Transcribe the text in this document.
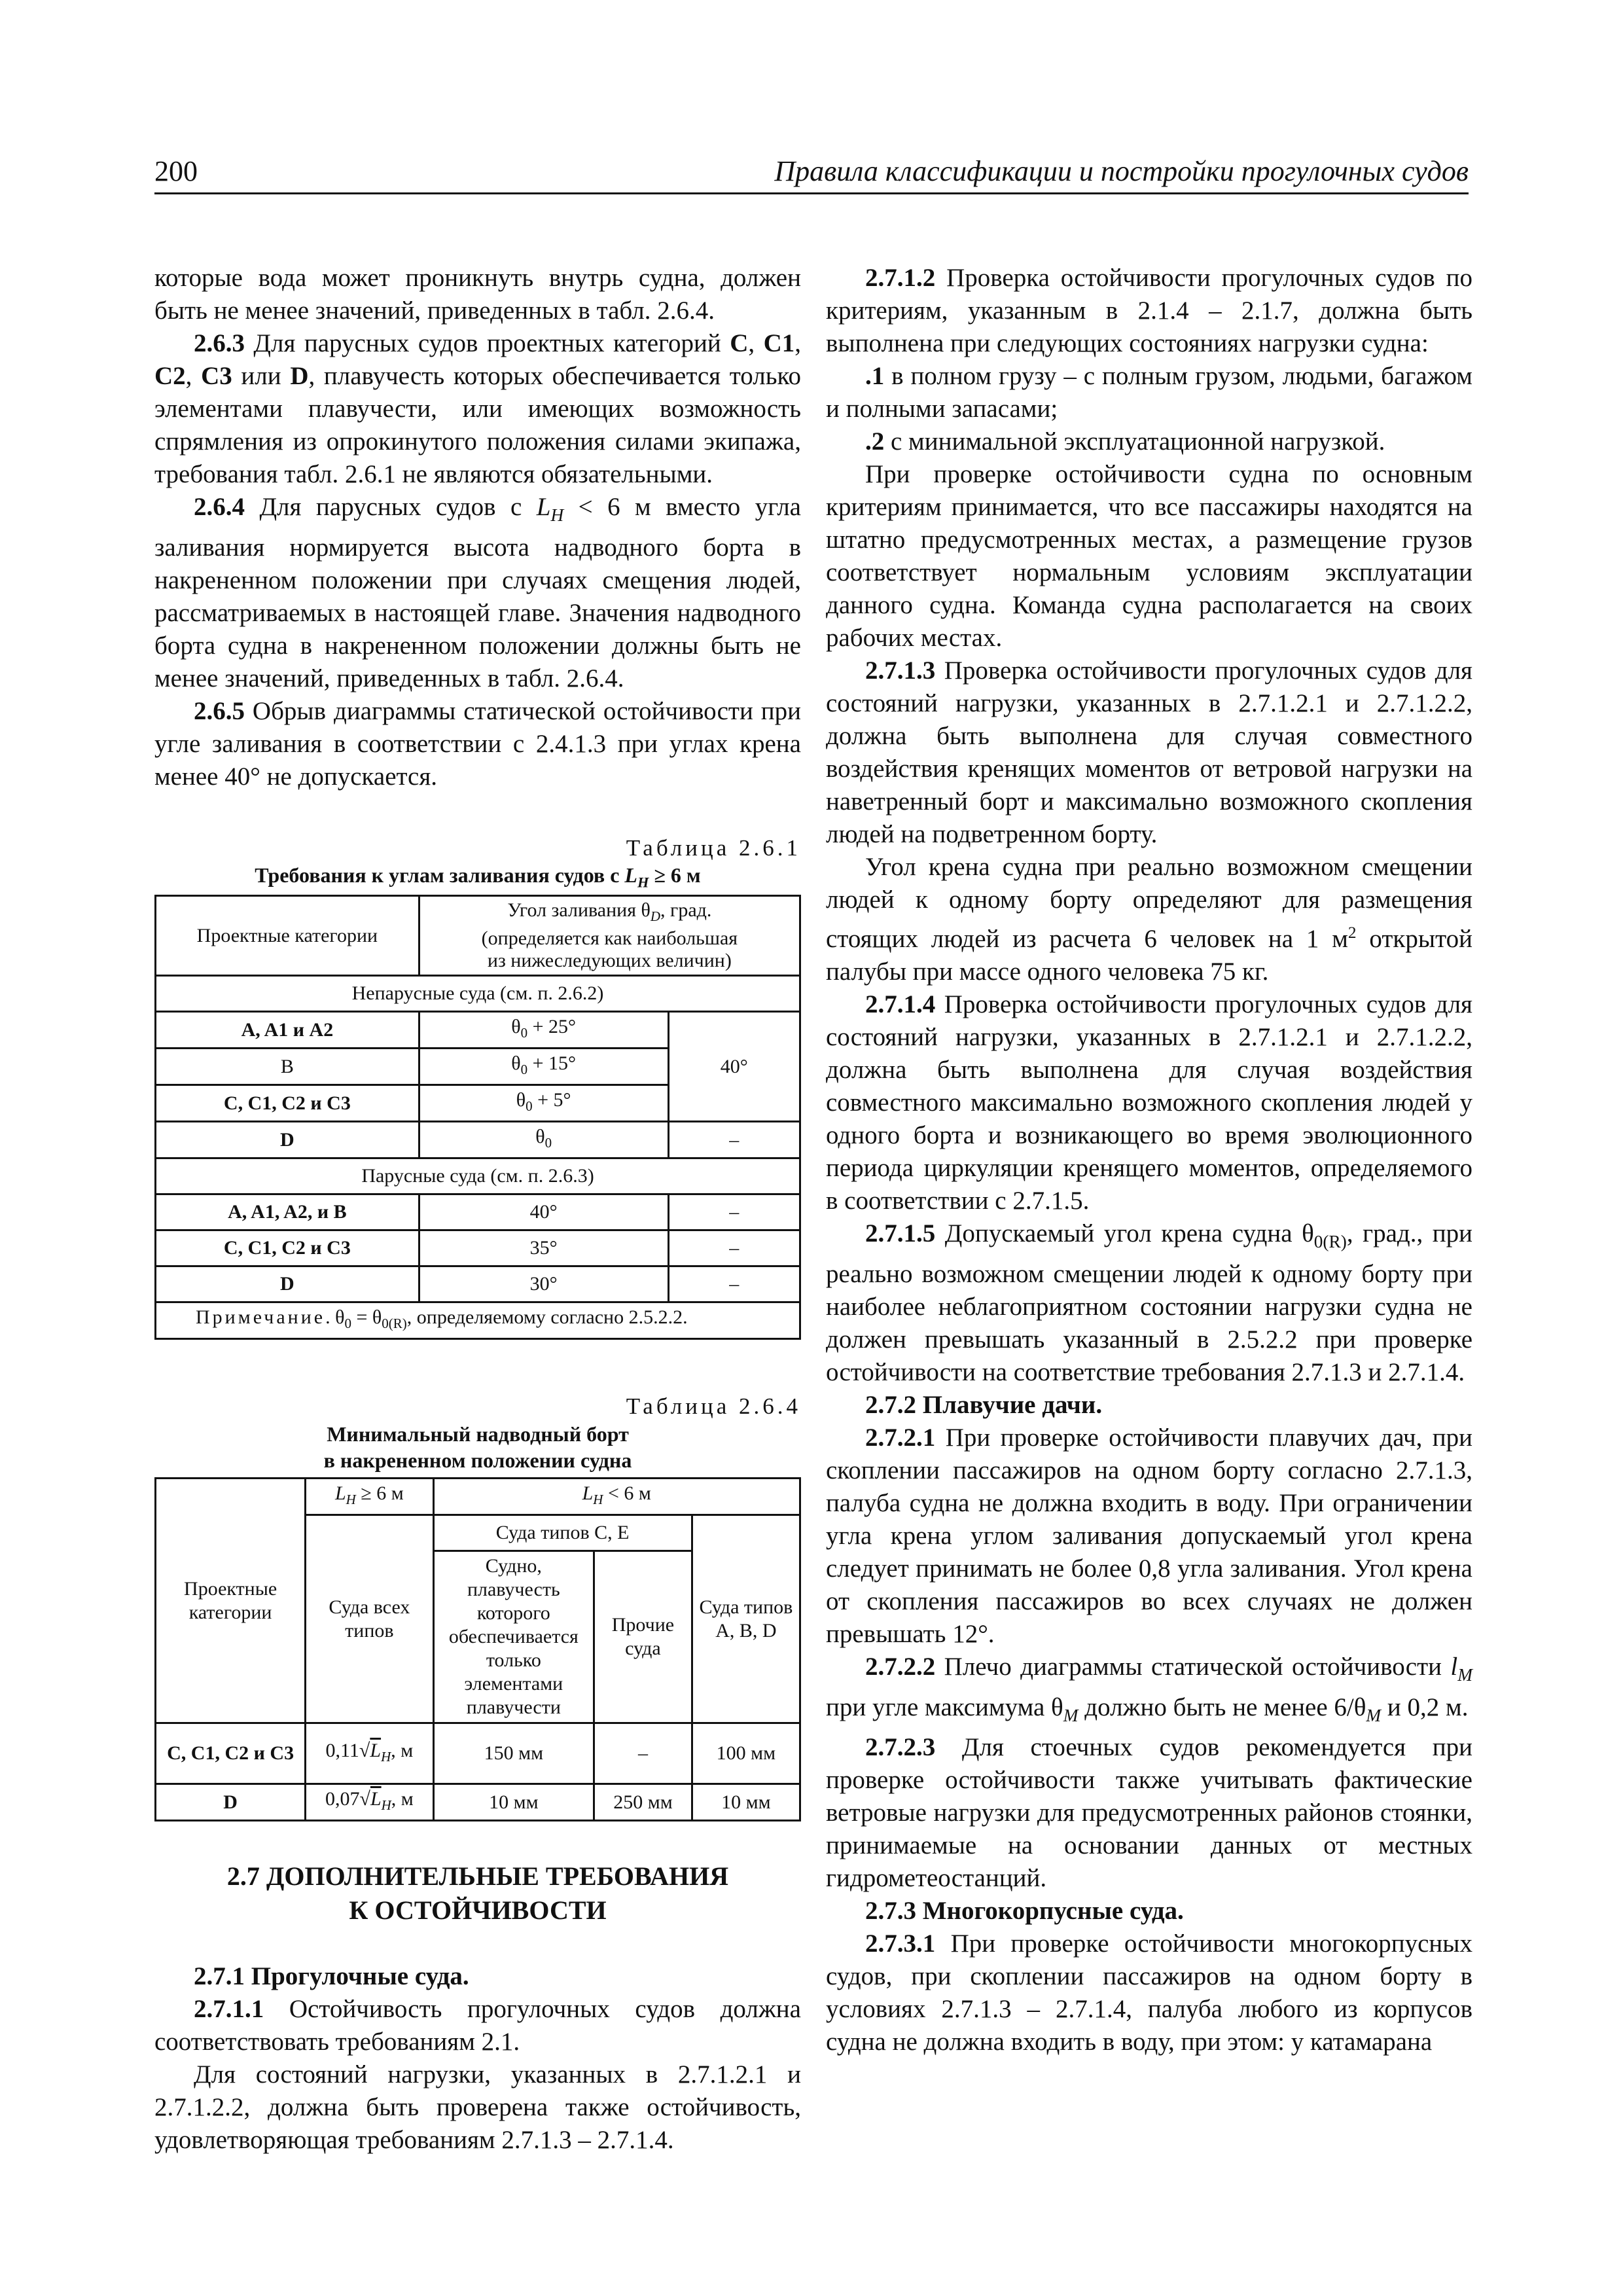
200	Правила классификации и постройки прогулочных судов

которые вода может проникнуть внутрь судна, должен быть не менее значений, приведенных в табл. 2.6.4.

2.6.3 Для парусных судов проектных категорий C, C1, C2, C3 или D, плавучесть которых обеспечивается только элементами плавучести, или имеющих возможность спрямления из опрокинутого положения силами экипажа, требования табл. 2.6.1 не являются обязательными.

2.6.4 Для парусных судов с $L_H < 6$ м вместо угла заливания нормируется высота надводного борта в накрененном положении при случаях смещения людей, рассматриваемых в настоящей главе. Значения надводного борта судна в накрененном положении должны быть не менее значений, приведенных в табл. 2.6.4.

2.6.5 Обрыв диаграммы статической остойчивости при угле заливания в соответствии с 2.4.1.3 при углах крена менее 40° не допускается.

Таблица 2.6.1
Требования к углам заливания судов с $L_H \ge 6$ м
Проектные категории	Угол заливания $\theta_D$, град.
(определяется как наибольшая
из нижеследующих величин)	
Непарусные суда (см. п. 2.6.2)		
A, A1 и A2	$\theta_0 + 25^\circ$	40°
B	$\theta_0 + 15^\circ$	
C, C1, C2 и C3	$\theta_0 + 5^\circ$	
D	$\theta_0$	–
Парусные суда (см. п. 2.6.3)		
A, A1, A2, и B	40°	–
C, C1, C2 и C3	35°	–
D	30°	–
Примечание. $\theta_0 = \theta_{0(R)}$, определяемому согласно 2.5.2.2.		
Таблица 2.6.4
Минимальный надводный борт
в накрененном положении судна
Проектные категории	$L_H \ge 6$ м	$L_H < 6$ м		
	Суда всех типов	Суда типов C, E		Суда типов A, B, D
		Судно, плавучесть которого обеспечивается только элементами плавучести	Прочие суда	
C, C1, C2 и C3	$0,11√L_H$, м	150 мм	–	100 мм
D	$0,07√L_H$, м	10 мм	250 мм	10 мм

2.7 ДОПОЛНИТЕЛЬНЫЕ ТРЕБОВАНИЯ
К ОСТОЙЧИВОСТИ

2.7.1 Прогулочные суда.

2.7.1.1 Остойчивость прогулочных судов должна соответствовать требованиям 2.1.

Для состояний нагрузки, указанных в 2.7.1.2.1 и 2.7.1.2.2, должна быть проверена также остойчивость, удовлетворяющая требованиям 2.7.1.3 – 2.7.1.4.

2.7.1.2 Проверка остойчивости прогулочных судов по критериям, указанным в 2.1.4 – 2.1.7, должна быть выполнена при следующих состояниях нагрузки судна:

.1 в полном грузу – с полным грузом, людьми, багажом и полными запасами;

.2 с минимальной эксплуатационной нагрузкой.

При проверке остойчивости судна по основным критериям принимается, что все пассажиры находятся на штатно предусмотренных местах, а размещение грузов соответствует нормальным условиям эксплуатации данного судна. Команда судна располагается на своих рабочих местах.

2.7.1.3 Проверка остойчивости прогулочных судов для состояний нагрузки, указанных в 2.7.1.2.1 и 2.7.1.2.2, должна быть выполнена для случая совместного воздействия кренящих моментов от ветровой нагрузки на наветренный борт и максимально возможного скопления людей на подветренном борту.

Угол крена судна при реально возможном смещении людей к одному борту определяют для размещения стоящих людей из расчета 6 человек на 1 $м^2$ открытой палубы при массе одного человека 75 кг.

2.7.1.4 Проверка остойчивости прогулочных судов для состояний нагрузки, указанных в 2.7.1.2.1 и 2.7.1.2.2, должна быть выполнена для случая воздействия совместного максимально возможного скопления людей у одного борта и возникающего во время эволюционного периода циркуляции кренящего моментов, определяемого в соответствии с 2.7.1.5.

2.7.1.5 Допускаемый угол крена судна $\theta_{0(R)}$, град., при реально возможном смещении людей к одному борту при наиболее неблагоприятном состоянии нагрузки судна не должен превышать указанный в 2.5.2.2 при проверке остойчивости на соответствие требования 2.7.1.3 и 2.7.1.4.

2.7.2 Плавучие дачи.

2.7.2.1 При проверке остойчивости плавучих дач, при скоплении пассажиров на одном борту согласно 2.7.1.3, палуба судна не должна входить в воду. При ограничении угла крена углом заливания допускаемый угол крена следует принимать не более 0,8 угла заливания. Угол крена от скопления пассажиров во всех случаях не должен превышать 12°.

2.7.2.2 Плечо диаграммы статической остойчивости $l_M$ при угле максимума $\theta_M$ должно быть не менее $6/\theta_M$ и 0,2 м.

2.7.2.3 Для стоечных судов рекомендуется при проверке остойчивости также учитывать фактические ветровые нагрузки для предусмотренных районов стоянки, принимаемые на основании данных от местных гидрометеостанций.

2.7.3 Многокорпусные суда.

2.7.3.1 При проверке остойчивости многокорпусных судов, при скоплении пассажиров на одном борту в условиях 2.7.1.3 – 2.7.1.4, палуба любого из корпусов судна не должна входить в воду, при этом: у катамарана
